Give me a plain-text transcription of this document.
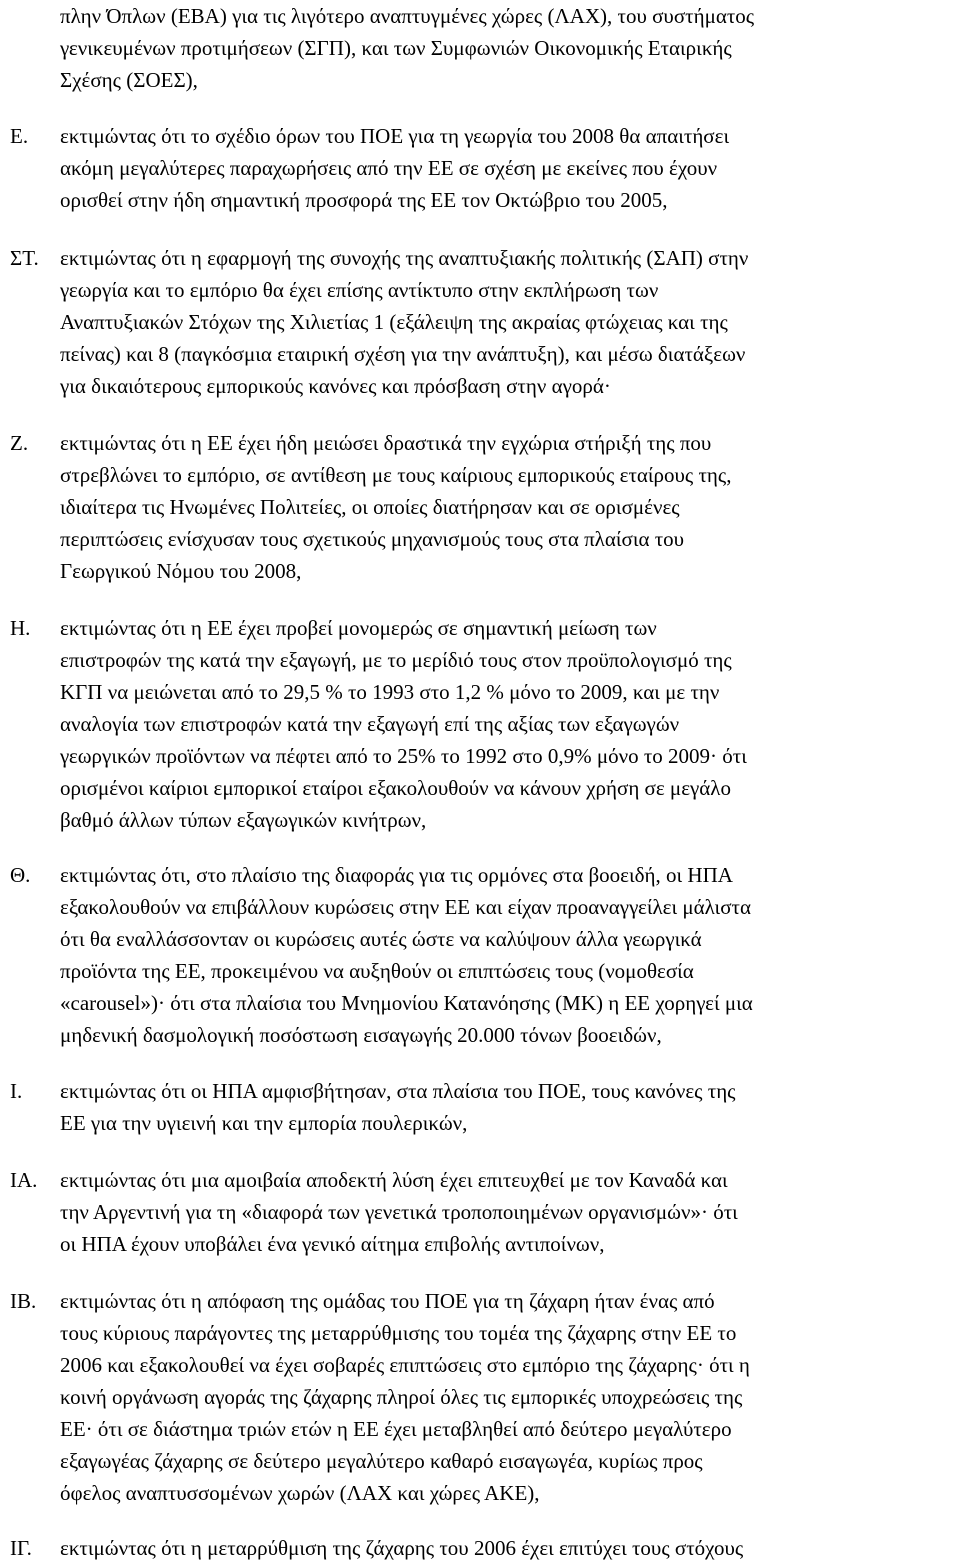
πλην Όπλων (ΕΒΑ) για τις λιγότερο αναπτυγμένες χώρες (ΛΑΧ), του συστήματος
γενικευμένων προτιμήσεων (ΣΓΠ), και των Συμφωνιών Οικονομικής Εταιρικής
Σχέσης (ΣΟΕΣ),
Ε. εκτιμώντας ότι το σχέδιο όρων του ΠΟΕ για τη γεωργία του 2008 θα απαιτήσει
ακόμη μεγαλύτερες παραχωρήσεις από την ΕΕ σε σχέση με εκείνες που έχουν
ορισθεί στην ήδη σημαντική προσφορά της ΕΕ τον Οκτώβριο του 2005,
ΣΤ. εκτιμώντας ότι η εφαρμογή της συνοχής της αναπτυξιακής πολιτικής (ΣΑΠ) στην
γεωργία και το εμπόριο θα έχει επίσης αντίκτυπο στην εκπλήρωση των
Αναπτυξιακών Στόχων της Χιλιετίας 1 (εξάλειψη της ακραίας φτώχειας και της
πείνας) και 8 (παγκόσμια εταιρική σχέση για την ανάπτυξη), και μέσω διατάξεων
για δικαιότερους εμπορικούς κανόνες και πρόσβαση στην αγορά·
Ζ. εκτιμώντας ότι η ΕΕ έχει ήδη μειώσει δραστικά την εγχώρια στήριξή της που
στρεβλώνει το εμπόριο, σε αντίθεση με τους καίριους εμπορικούς εταίρους της,
ιδιαίτερα τις Ηνωμένες Πολιτείες, οι οποίες διατήρησαν και σε ορισμένες
περιπτώσεις ενίσχυσαν τους σχετικούς μηχανισμούς τους στα πλαίσια του
Γεωργικού Νόμου του 2008,
Η. εκτιμώντας ότι η ΕΕ έχει προβεί μονομερώς σε σημαντική μείωση των
επιστροφών της κατά την εξαγωγή, με το μερίδιό τους στον προϋπολογισμό της
ΚΓΠ να μειώνεται από το 29,5 % το 1993 στο 1,2 % μόνο το 2009, και με την
αναλογία των επιστροφών κατά την εξαγωγή επί της αξίας των εξαγωγών
γεωργικών προϊόντων να πέφτει από το 25% το 1992 στο 0,9% μόνο το 2009· ότι
ορισμένοι καίριοι εμπορικοί εταίροι εξακολουθούν να κάνουν χρήση σε μεγάλο
βαθμό άλλων τύπων εξαγωγικών κινήτρων,
Θ. εκτιμώντας ότι, στο πλαίσιο της διαφοράς για τις ορμόνες στα βοοειδή, οι ΗΠΑ
εξακολουθούν να επιβάλλουν κυρώσεις στην ΕΕ και είχαν προαναγγείλει μάλιστα
ότι θα εναλλάσσονταν οι κυρώσεις αυτές ώστε να καλύψουν άλλα γεωργικά
προϊόντα της ΕΕ, προκειμένου να αυξηθούν οι επιπτώσεις τους (νομοθεσία
«carousel»)· ότι στα πλαίσια του Μνημονίου Κατανόησης (ΜΚ) η ΕΕ χορηγεί μια
μηδενική δασμολογική ποσόστωση εισαγωγής 20.000 τόνων βοοειδών,
Ι. εκτιμώντας ότι οι ΗΠΑ αμφισβήτησαν, στα πλαίσια του ΠΟΕ, τους κανόνες της
ΕΕ για την υγιεινή και την εμπορία πουλερικών,
ΙΑ. εκτιμώντας ότι μια αμοιβαία αποδεκτή λύση έχει επιτευχθεί με τον Καναδά και
την Αργεντινή για τη «διαφορά των γενετικά τροποποιημένων οργανισμών»· ότι
οι ΗΠΑ έχουν υποβάλει ένα γενικό αίτημα επιβολής αντιποίνων,
ΙΒ. εκτιμώντας ότι η απόφαση της ομάδας του ΠΟΕ για τη ζάχαρη ήταν ένας από
τους κύριους παράγοντες της μεταρρύθμισης του τομέα της ζάχαρης στην ΕΕ το
2006 και εξακολουθεί να έχει σοβαρές επιπτώσεις στο εμπόριο της ζάχαρης· ότι η
κοινή οργάνωση αγοράς της ζάχαρης πληροί όλες τις εμπορικές υποχρεώσεις της
ΕΕ· ότι σε διάστημα τριών ετών η ΕΕ έχει μεταβληθεί από δεύτερο μεγαλύτερο
εξαγωγέας ζάχαρης σε δεύτερο μεγαλύτερο καθαρό εισαγωγέα, κυρίως προς
όφελος αναπτυσσομένων χωρών (ΛΑΧ και χώρες ΑΚΕ),
ΙΓ. εκτιμώντας ότι η μεταρρύθμιση της ζάχαρης του 2006 έχει επιτύχει τους στόχους
